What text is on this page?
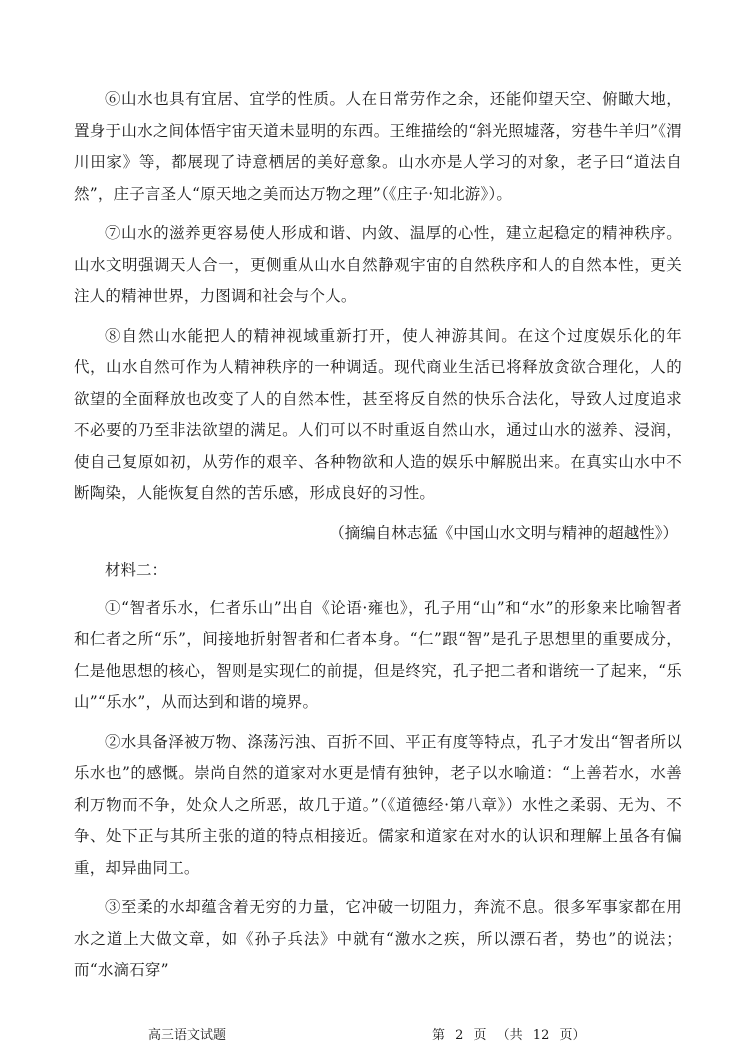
⑥山水也具有宜居、宜学的性质。人在日常劳作之余，还能仰望天空、俯瞰大地，置身于山水之间体悟宇宙天道未显明的东西。王维描绘的“斜光照墟落，穷巷牛羊归”《渭川田家》等，都展现了诗意栖居的美好意象。山水亦是人学习的对象，老子曰“道法自然”，庄子言圣人“原天地之美而达万物之理”（《庄子·知北游》）。

⑦山水的滋养更容易使人形成和谐、内敛、温厚的心性，建立起稳定的精神秩序。山水文明强调天人合一，更侧重从山水自然静观宇宙的自然秩序和人的自然本性，更关注人的精神世界，力图调和社会与个人。

⑧自然山水能把人的精神视域重新打开，使人神游其间。在这个过度娱乐化的年代，山水自然可作为人精神秩序的一种调适。现代商业生活已将释放贪欲合理化，人的欲望的全面释放也改变了人的自然本性，甚至将反自然的快乐合法化，导致人过度追求不必要的乃至非法欲望的满足。人们可以不时重返自然山水，通过山水的滋养、浸润，使自己复原如初，从劳作的艰辛、各种物欲和人造的娱乐中解脱出来。在真实山水中不断陶染，人能恢复自然的苦乐感，形成良好的习性。

（摘编自林志猛《中国山水文明与精神的超越性》）
材料二：

①“智者乐水，仁者乐山”出自《论语·雍也》，孔子用“山”和“水”的形象来比喻智者和仁者之所“乐”，间接地折射智者和仁者本身。“仁”跟“智”是孔子思想里的重要成分，仁是他思想的核心，智则是实现仁的前提，但是终究，孔子把二者和谐统一了起来，“乐山”“乐水”，从而达到和谐的境界。

②水具备泽被万物、涤荡污浊、百折不回、平正有度等特点，孔子才发出“智者所以乐水也”的感慨。崇尚自然的道家对水更是情有独钟，老子以水喻道：“上善若水，水善利万物而不争，处众人之所恶，故几于道。”（《道德经·第八章》）水性之柔弱、无为、不争、处下正与其所主张的道的特点相接近。儒家和道家在对水的认识和理解上虽各有偏重，却异曲同工。

③至柔的水却蕴含着无穷的力量，它冲破一切阻力，奔流不息。很多军事家都在用水之道上大做文章，如《孙子兵法》中就有“激水之疾，所以漂石者，势也”的说法；而“水滴石穿”

高三语文试题	第 2 页 （共 12 页）
